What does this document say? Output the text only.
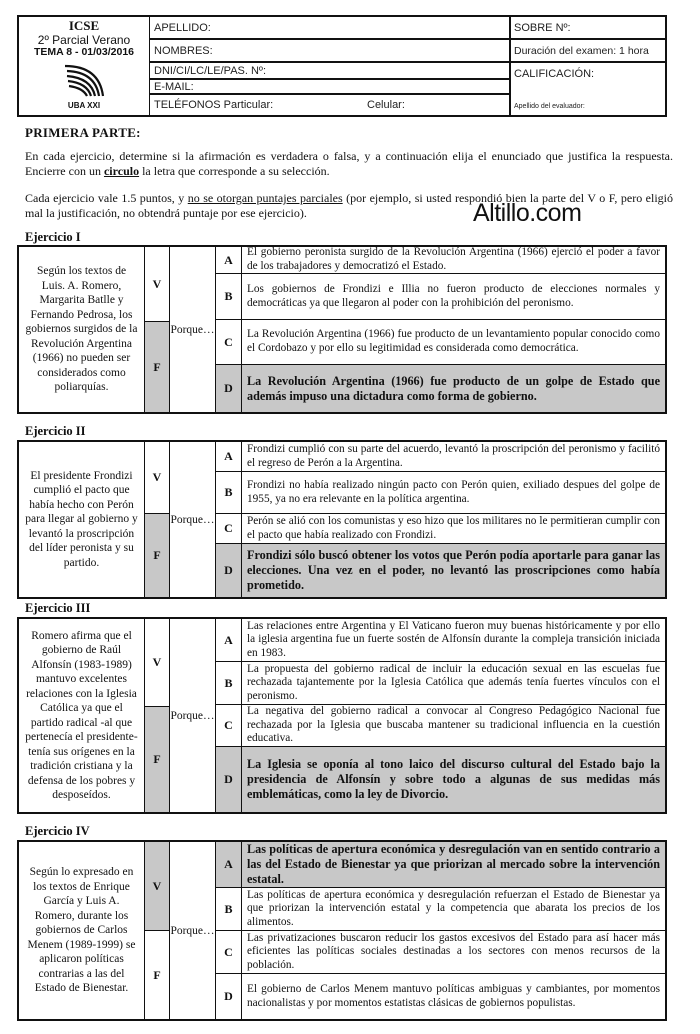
ICSE
2º Parcial Verano
TEMA 8 - 01/03/2016
UBA XXI
APELLIDO:
NOMBRES:
DNI/CI/LC/LE/PAS. Nº:
E-MAIL:
TELÉFONOS Particular:	Celular:
SOBRE Nº:
Duración del examen: 1 hora
CALIFICACIÓN:
Apellido del evaluador:
PRIMERA PARTE:
En cada ejercicio, determine si la afirmación es verdadera o falsa, y a continuación elija el enunciado que justifica la respuesta. Encierre con un circulo la letra que corresponde a su selección.
Cada ejercicio vale 1.5 puntos, y no se otorgan puntajes parciales (por ejemplo, si usted respondió bien la parte del V o F, pero eligió mal la justificación, no obtendrá puntaje por ese ejercicio).	Altillo.com
Ejercicio I
Según los textos de Luis. A. Romero, Margarita Batlle y Fernando Pedrosa, los gobiernos surgidos de la Revolución Argentina (1966) no pueden ser considerados como poliarquías.
V
F
Porque…
A
El gobierno peronista surgido de la Revolución Argentina (1966) ejerció el poder a favor de los trabajadores y democratizó el Estado.
B
Los gobiernos de Frondizi e Illia no fueron producto de elecciones normales y democráticas ya que llegaron al poder con la prohibición del peronismo.
C
La Revolución Argentina (1966) fue producto de un levantamiento popular conocido como el Cordobazo y por ello su legitimidad es considerada como democrática.
D
La Revolución Argentina (1966) fue producto de un golpe de Estado que además impuso una dictadura como forma de gobierno.
Ejercicio II
El presidente Frondizi cumplió el pacto que había hecho con Perón para llegar al gobierno y levantó la proscripción del líder peronista y su partido.
V
F
Porque…
A
Frondizi cumplió con su parte del acuerdo, levantó la proscripción del peronismo y facilitó el regreso de Perón a la Argentina.
B
Frondizi no había realizado ningún pacto con Perón quien, exiliado despues del golpe de 1955, ya no era relevante en la política argentina.
C
Perón se alió con los comunistas y eso hizo que los militares no le permitieran cumplir con el pacto que había realizado con Frondizi.
D
Frondizi sólo buscó obtener los votos que Perón podía aportarle para ganar las elecciones. Una vez en el poder, no levantó las proscripciones como había prometido.
Ejercicio III
Romero afirma que el gobierno de Raúl Alfonsín (1983-1989) mantuvo excelentes relaciones con la Iglesia Católica ya que el partido radical -al que pertenecía el presidente- tenía sus orígenes en la tradición cristiana y la defensa de los pobres y desposeídos.
V
F
Porque…
A
Las relaciones entre Argentina y El Vaticano fueron muy buenas históricamente y por ello la iglesia argentina fue un fuerte sostén de Alfonsín durante la compleja transición iniciada en 1983.
B
La propuesta del gobierno radical de incluir la educación sexual en las escuelas fue rechazada tajantemente por la Iglesia Católica que además tenía fuertes vínculos con el peronismo.
C
La negativa del gobierno radical a convocar al Congreso Pedagógico Nacional fue rechazada por la Iglesia que buscaba mantener su tradicional influencia en la cuestión educativa.
D
La Iglesia se oponía al tono laico del discurso cultural del Estado bajo la presidencia de Alfonsín y sobre todo a algunas de sus medidas más emblemáticas, como la ley de Divorcio.
Ejercicio IV
Según lo expresado en los textos de Enrique García y Luis A. Romero, durante los gobiernos de Carlos Menem (1989-1999) se aplicaron políticas contrarias a las del Estado de Bienestar.
V
F
Porque…
A
Las políticas de apertura económica y desregulación van en sentido contrario a las del Estado de Bienestar ya que priorizan al mercado sobre la intervención estatal.
B
Las políticas de apertura económica y desregulación refuerzan el Estado de Bienestar ya que priorizan la intervención estatal y la competencia que abarata los precios de los alimentos.
C
Las privatizaciones buscaron reducir los gastos excesivos del Estado para así hacer más eficientes las políticas sociales destinadas a los sectores con menos recursos de la población.
D
El gobierno de Carlos Menem mantuvo políticas ambiguas y cambiantes, por momentos nacionalistas y por momentos estatistas clásicas de gobiernos populistas.
